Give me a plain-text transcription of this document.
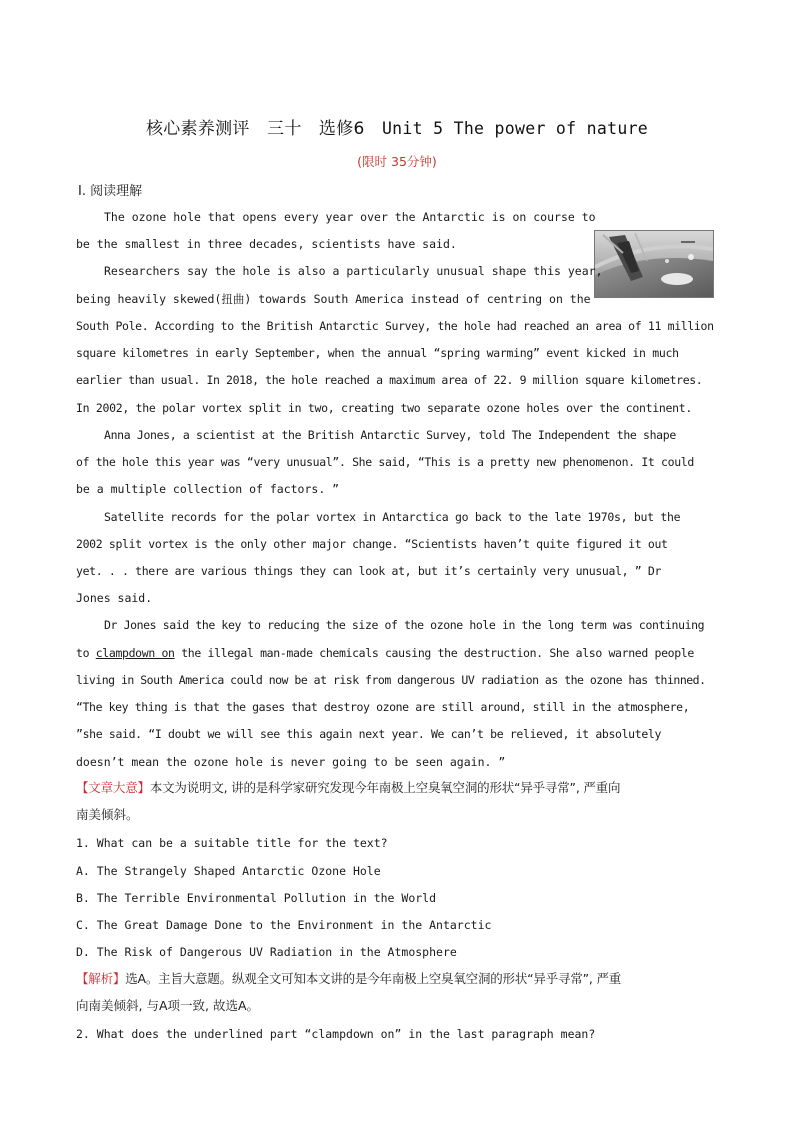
核心素养测评　三十　选修6　Unit 5 The power of nature
(限时 35分钟)
Ⅰ. 阅读理解
The ozone hole that opens every year over the Antarctic is on course to
be the smallest in three decades, scientists have said.
Researchers say the hole is also a particularly unusual shape this year,
being heavily skewed(扭曲) towards South America instead of centring on the
South Pole. According to the British Antarctic Survey, the hole had reached an area of 11 million
square kilometres in early September, when the annual “spring warming” event kicked in much
earlier than usual. In 2018, the hole reached a maximum area of 22. 9 million square kilometres.
In 2002, the polar vortex split in two, creating two separate ozone holes over the continent.
Anna Jones, a scientist at the British Antarctic Survey, told The Independent the shape
of the hole this year was “very unusual”. She said, “This is a pretty new phenomenon. It could
be a multiple collection of factors. ”
Satellite records for the polar vortex in Antarctica go back to the late 1970s, but the
2002 split vortex is the only other major change. “Scientists haven’t quite figured it out
yet. . . there are various things they can look at, but it’s certainly very unusual, ” Dr
Jones said.
Dr Jones said the key to reducing the size of the ozone hole in the long term was continuing
to clampdown on the illegal man-made chemicals causing the destruction. She also warned people
living in South America could now be at risk from dangerous UV radiation as the ozone has thinned.
“The key thing is that the gases that destroy ozone are still around, still in the atmosphere,
”she said. “I doubt we will see this again next year. We can’t be relieved, it absolutely
doesn’t mean the ozone hole is never going to be seen again. ”
【文章大意】本文为说明文, 讲的是科学家研究发现今年南极上空臭氧空洞的形状“异乎寻常”, 严重向
南美倾斜。
1. What can be a suitable title for the text?
A. The Strangely Shaped Antarctic Ozone Hole
B. The Terrible Environmental Pollution in the World
C. The Great Damage Done to the Environment in the Antarctic
D. The Risk of Dangerous UV Radiation in the Atmosphere
【解析】选A。主旨大意题。纵观全文可知本文讲的是今年南极上空臭氧空洞的形状“异乎寻常”, 严重
向南美倾斜, 与A项一致, 故选A。
2. What does the underlined part “clampdown on” in the last paragraph mean?
